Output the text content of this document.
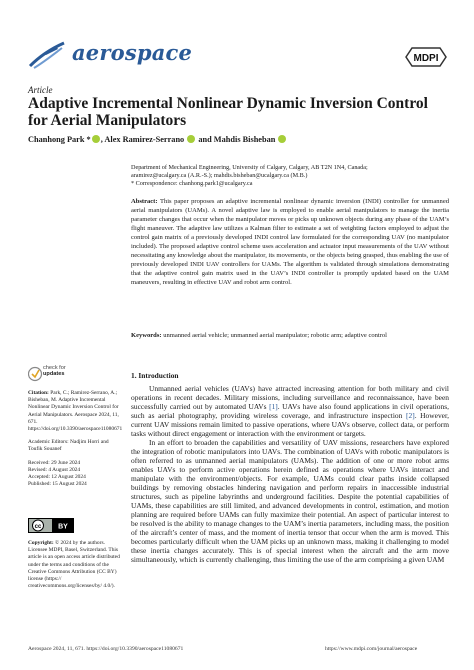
aerospace	MDPI
Article
Adaptive Incremental Nonlinear Dynamic Inversion Control for Aerial Manipulators
Chanhong Park * , Alex Ramirez-Serrano and Mahdis Bisheban
Department of Mechanical Engineering, University of Calgary, Calgary, AB T2N 1N4, Canada;
aramirez@ucalgary.ca (A.R.-S.); mahdis.bisheban@ucalgary.ca (M.B.)
* Correspondence: chanhong.park1@ucalgary.ca
Abstract: This paper proposes an adaptive incremental nonlinear dynamic inversion (INDI) controller for unmanned aerial manipulators (UAMs). A novel adaptive law is employed to enable aerial manipulators to manage the inertia parameter changes that occur when the manipulator moves or picks up unknown objects during any phase of the UAM’s flight maneuver. The adaptive law utilizes a Kalman filter to estimate a set of weighting factors employed to adjust the control gain matrix of a previously developed INDI control law formulated for the corresponding UAV (no manipulator included). The proposed adaptive control scheme uses acceleration and actuator input measurements of the UAV without necessitating any knowledge about the manipulator, its movements, or the objects being grasped, thus enabling the use of previously developed INDI UAV controllers for UAMs. The algorithm is validated through simulations demonstrating that the adaptive control gain matrix used in the UAV’s INDI controller is promptly updated based on the UAM maneuvers, resulting in effective UAV and robot arm control.
Keywords: unmanned aerial vehicle; unmanned aerial manipulator; robotic arm; adaptive control
check for
updates
Citation: Park, C.; Ramirez-Serrano, A.; Bisheban, M. Adaptive Incremental Nonlinear Dynamic Inversion Control for Aerial Manipulators. Aerospace 2024, 11, 671. https://doi.org/10.3390/aerospace11080671
Academic Editors: Nadjim Horri and Toufik Souanef
Received: 29 June 2024
Revised: 4 August 2024
Accepted: 12 August 2024
Published: 15 August 2024
cc BY
Copyright: © 2024 by the authors. Licensee MDPI, Basel, Switzerland. This article is an open access article distributed under the terms and conditions of the Creative Commons Attribution (CC BY) license (https:// creativecommons.org/licenses/by/ 4.0/).
1. Introduction

Unmanned aerial vehicles (UAVs) have attracted increasing attention for both military and civil operations in recent decades. Military missions, including surveillance and reconnaissance, have been successfully carried out by automated UAVs [1]. UAVs have also found applications in civil operations, such as aerial photography, providing wireless coverage, and infrastructure inspection [2]. However, current UAV missions remain limited to passive operations, where UAVs observe, collect data, or perform tasks without direct engagement or interaction with the environment or targets.

In an effort to broaden the capabilities and versatility of UAV missions, researchers have explored the integration of robotic manipulators into UAVs. The combination of UAVs with robotic manipulators is often referred to as unmanned aerial manipulators (UAMs). The addition of one or more robot arms enables UAVs to perform active operations herein defined as operations where UAVs interact and manipulate with the environment/objects. For example, UAMs could clear paths inside collapsed buildings by removing obstacles hindering navigation and perform repairs in inaccessible industrial structures, such as pipeline labyrinths and underground facilities. Despite the potential capabilities of UAMs, these capabilities are still limited, and advanced developments in control, estimation, and motion planning are required before UAMs can fully maximize their potential. An aspect of particular interest to be resolved is the ability to manage changes to the UAM’s inertia parameters, including mass, the position of the aircraft’s center of mass, and the moment of inertia tensor that occur when the arm is moved. This becomes particularly difficult when the UAM picks up an unknown mass, making it challenging to model these inertia changes accurately. This is of special interest when the aircraft and the arm move simultaneously, which is currently challenging, thus limiting the use of the arm comprising a given UAM

Aerospace 2024, 11, 671. https://doi.org/10.3390/aerospace11080671	https://www.mdpi.com/journal/aerospace
